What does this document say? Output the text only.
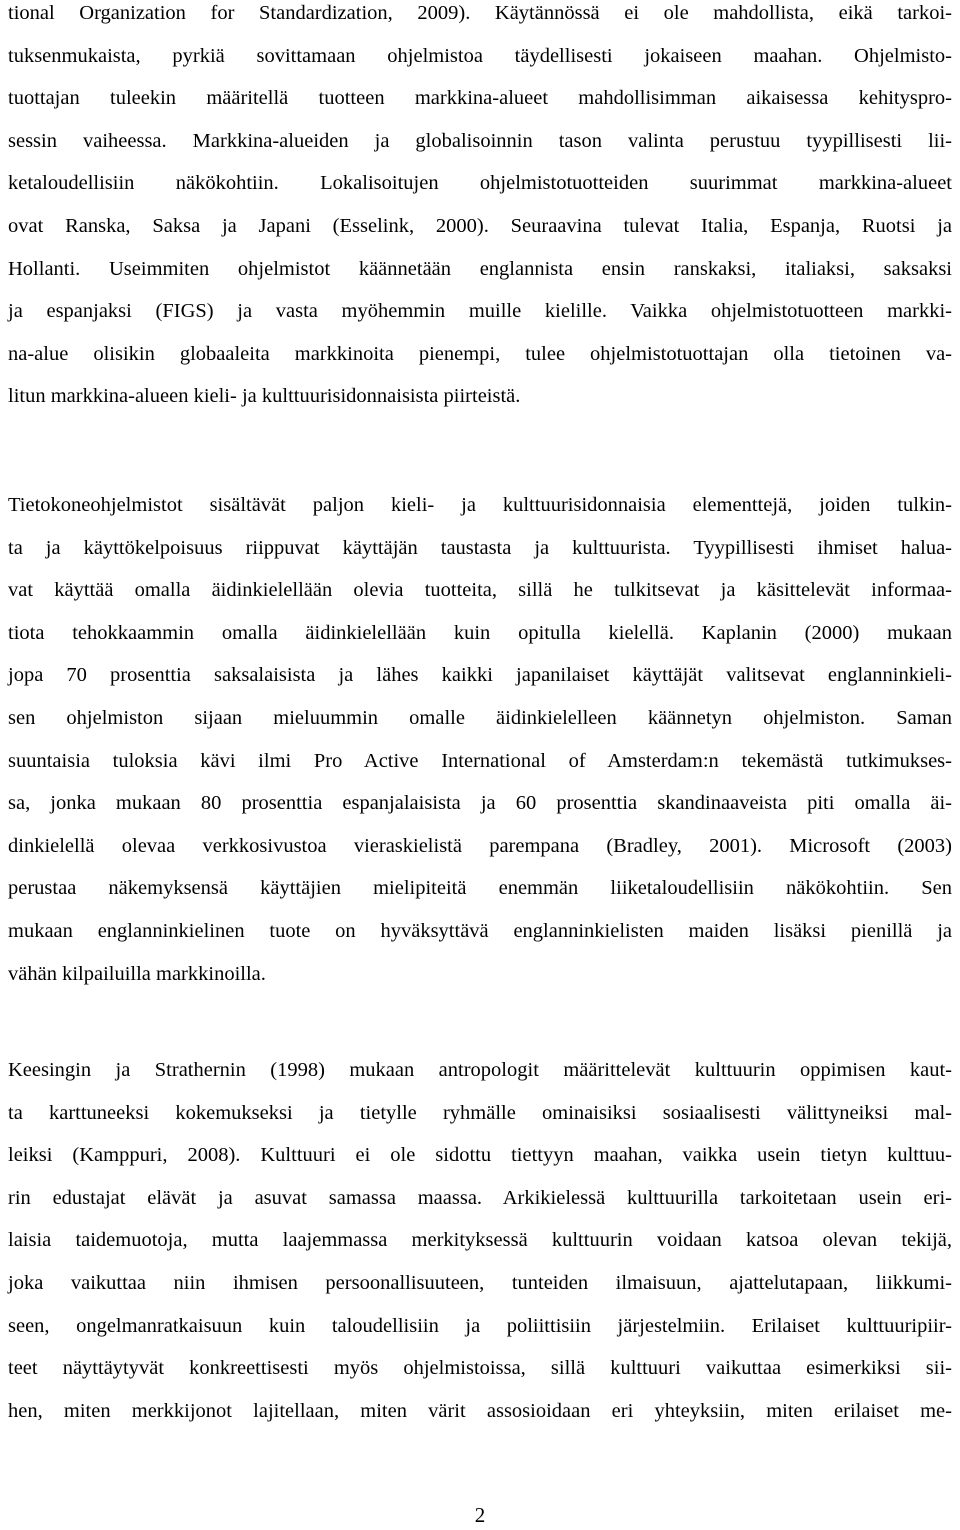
tional Organization for Standardization, 2009). Käytännössä ei ole mahdollista, eikä tarkoi-
tuksenmukaista, pyrkiä sovittamaan ohjelmistoa täydellisesti jokaiseen maahan. Ohjelmisto-
tuottajan tuleekin määritellä tuotteen markkina-alueet mahdollisimman aikaisessa kehityspro-
sessin vaiheessa. Markkina-alueiden ja globalisoinnin tason valinta perustuu tyypillisesti lii-
ketaloudellisiin näkökohtiin. Lokalisoitujen ohjelmistotuotteiden suurimmat markkina-alueet
ovat Ranska, Saksa ja Japani (Esselink, 2000). Seuraavina tulevat Italia, Espanja, Ruotsi ja
Hollanti. Useimmiten ohjelmistot käännetään englannista ensin ranskaksi, italiaksi, saksaksi
ja espanjaksi (FIGS) ja vasta myöhemmin muille kielille. Vaikka ohjelmistotuotteen markki-
na-alue olisikin globaaleita markkinoita pienempi, tulee ohjelmistotuottajan olla tietoinen va-
litun markkina-alueen kieli- ja kulttuurisidonnaisista piirteistä.
Tietokoneohjelmistot sisältävät paljon kieli- ja kulttuurisidonnaisia elementtejä, joiden tulkin-
ta ja käyttökelpoisuus riippuvat käyttäjän taustasta ja kulttuurista. Tyypillisesti ihmiset halua-
vat käyttää omalla äidinkielellään olevia tuotteita, sillä he tulkitsevat ja käsittelevät informaa-
tiota tehokkaammin omalla äidinkielellään kuin opitulla kielellä. Kaplanin (2000) mukaan
jopa 70 prosenttia saksalaisista ja lähes kaikki japanilaiset käyttäjät valitsevat englanninkieli-
sen ohjelmiston sijaan mieluummin omalle äidinkielelleen käännetyn ohjelmiston. Saman
suuntaisia tuloksia kävi ilmi Pro Active International of Amsterdam:n tekemästä tutkimukses-
sa, jonka mukaan 80 prosenttia espanjalaisista ja 60 prosenttia skandinaaveista piti omalla äi-
dinkielellä olevaa verkkosivustoa vieraskielistä parempana (Bradley, 2001). Microsoft (2003)
perustaa näkemyksensä käyttäjien mielipiteitä enemmän liiketaloudellisiin näkökohtiin. Sen
mukaan englanninkielinen tuote on hyväksyttävä englanninkielisten maiden lisäksi pienillä ja
vähän kilpailuilla markkinoilla.
Keesingin ja Strathernin (1998) mukaan antropologit määrittelevät kulttuurin oppimisen kaut-
ta karttuneeksi kokemukseksi ja tietylle ryhmälle ominaisiksi sosiaalisesti välittyneiksi mal-
leiksi (Kamppuri, 2008). Kulttuuri ei ole sidottu tiettyyn maahan, vaikka usein tietyn kulttuu-
rin edustajat elävät ja asuvat samassa maassa. Arkikielessä kulttuurilla tarkoitetaan usein eri-
laisia taidemuotoja, mutta laajemmassa merkityksessä kulttuurin voidaan katsoa olevan tekijä,
joka vaikuttaa niin ihmisen persoonallisuuteen, tunteiden ilmaisuun, ajattelutapaan, liikkumi-
seen, ongelmanratkaisuun kuin taloudellisiin ja poliittisiin järjestelmiin. Erilaiset kulttuuripiir-
teet näyttäytyvät konkreettisesti myös ohjelmistoissa, sillä kulttuuri vaikuttaa esimerkiksi sii-
hen, miten merkkijonot lajitellaan, miten värit assosioidaan eri yhteyksiin, miten erilaiset me-
2
